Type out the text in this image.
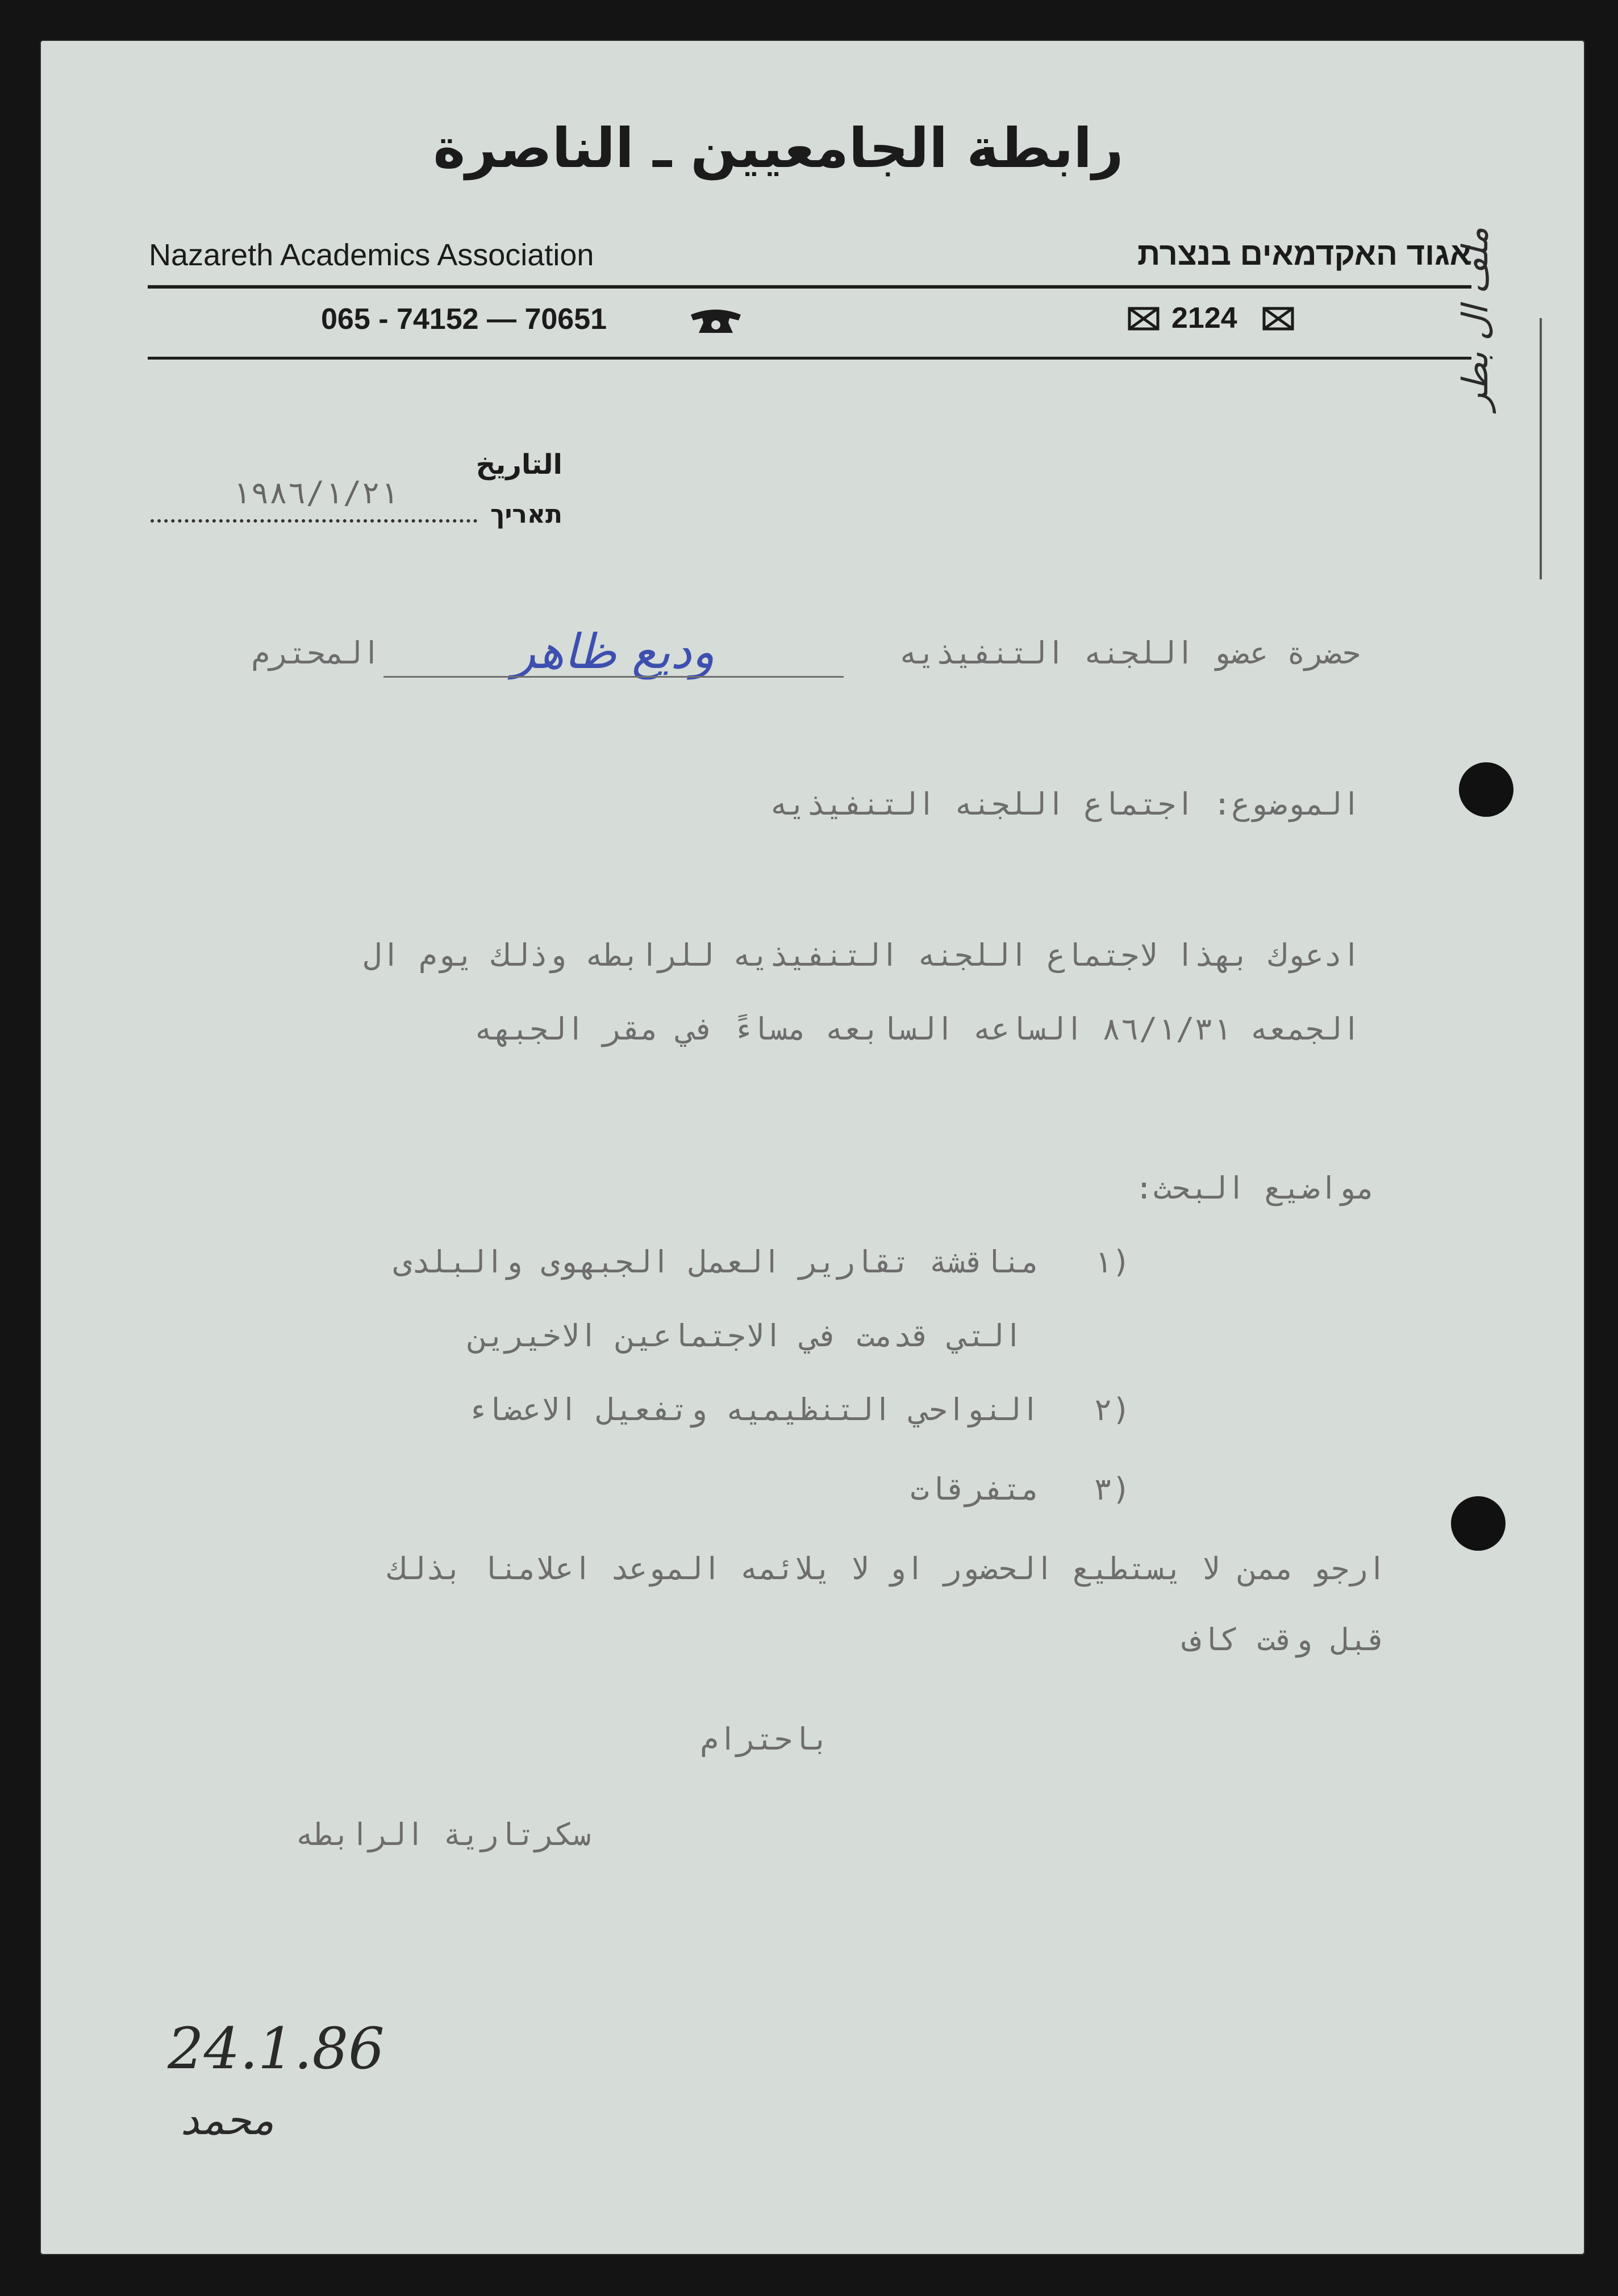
رابطة الجامعيين ـ الناصرة
Nazareth Academics Association	אגוד האקדמאים בנצרת
065 - 74152 — 70651	2124	ملف ال بطر
التاريخ
תאריך
١٩٨٦/١/٢١
حضرة عضو اللجنه التنفيذيه
وديع ظاهر
المحترم
الموضوع: اجتماع اللجنه التنفيذيه
ادعوك بهذا لاجتماع اللجنه التنفيذيه للرابطه وذلك يوم ال
الجمعه ٨٦/١/٣١ الساعه السابعه مساءً في مقر الجبهه
مواضيع البحث:
١)
مناقشة تقارير العمل الجبهوى والبلدى
التي قدمت في الاجتماعين الاخيرين
٢)
النواحي التنظيميه وتفعيل الاعضاء
٣)
متفرقات
ارجو ممن لا يستطيع الحضور او لا يلائمه الموعد اعلامنا بذلك
قبل وقت كاف
باحترام
سكرتارية الرابطه
24.1.86
محمد
